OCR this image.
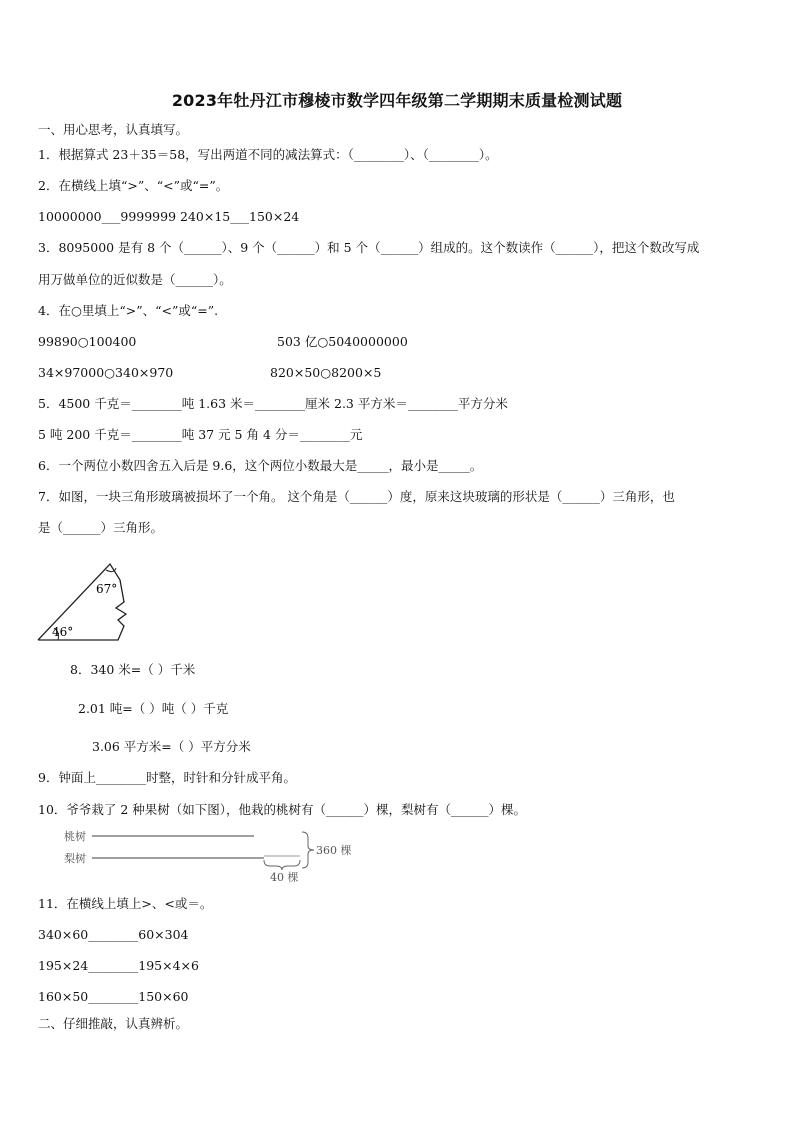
2023年牡丹江市穆棱市数学四年级第二学期期末质量检测试题
一、用心思考，认真填写。
1．根据算式 23＋35＝58，写出两道不同的减法算式：（________）、（________）。
2．在横线上填“>”、“<”或“=”。
10000000___9999999 240×15___150×24
3．8095000 是有 8 个（______）、9 个（______）和 5 个（______）组成的。这个数读作（______），把这个数改写成
用万做单位的近似数是（______）。
4．在○里填上“>”、“<”或“=”.
99890○100400	503 亿○5040000000
34×97000○340×970	820×50○8200×5
5．4500 千克＝________吨 1.63 米＝________厘米 2.3 平方米＝________平方分米
5 吨 200 千克＝________吨 37 元 5 角 4 分＝________元
6．一个两位小数四舍五入后是 9.6，这个两位小数最大是_____，最小是_____。
7．如图，一块三角形玻璃被损坏了一个角。 这个角是（______）度，原来这块玻璃的形状是（______）三角形，也
是（______）三角形。
67°
46°
8．340 米=（ ）千米
2.01 吨=（ ）吨（ ）千克
3.06 平方米=（ ）平方分米
9．钟面上________时整，时针和分针成平角。
10．爷爷栽了 2 种果树（如下图），他栽的桃树有（______）棵，梨树有（______）棵。
桃树
梨树
360 棵
40 棵
11．在横线上填上>、<或＝。
340×60________60×304
195×24________195×4×6
160×50________150×60
二、仔细推敲，认真辨析。
